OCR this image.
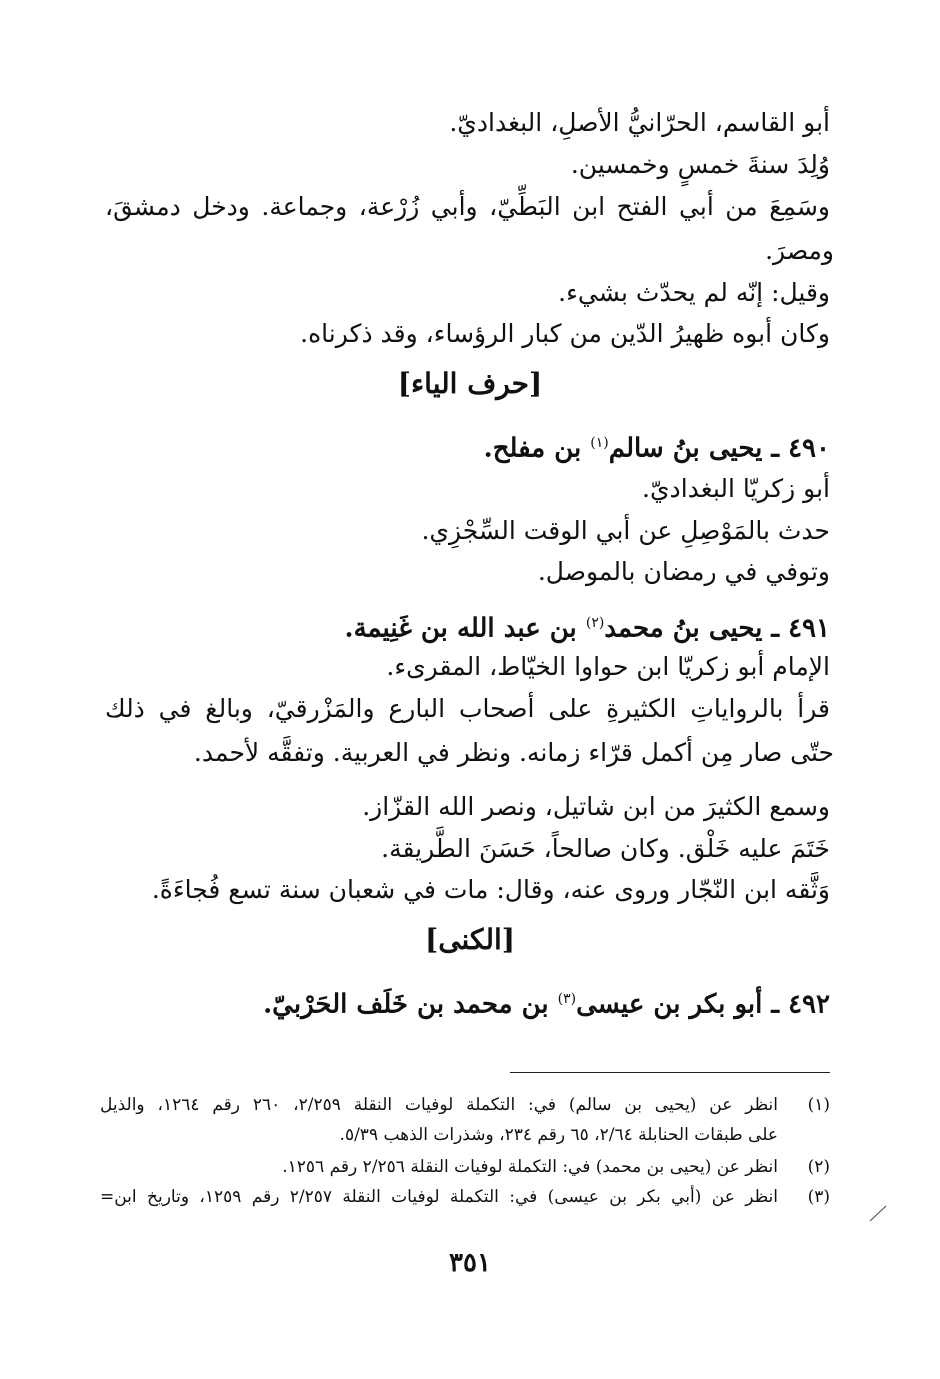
أبو القاسم، الحرّانيُّ الأصلِ، البغداديّ.
وُلِدَ سنةَ خمسٍ وخمسين.
وسَمِعَ من أبي الفتح ابن البَطِّيّ، وأبي زُرْعة، وجماعة. ودخل دمشقَ،
ومصرَ.
وقيل: إنّه لم يحدّث بشيء.
وكان أبوه ظهيرُ الدّين من كبار الرؤساء، وقد ذكرناه.
[حرف الياء]
٤٩٠ ـ يحيى بنُ سالم$^{(١)}$ بن مفلح.
أبو زكريّا البغداديّ.
حدث بالمَوْصِلِ عن أبي الوقت السِّجْزِي.
وتوفي في رمضان بالموصل.
٤٩١ ـ يحيى بنُ محمد$^{(٢)}$ بن عبد الله بن غَنِيمة.
الإمام أبو زكريّا ابن حواوا الخيّاط، المقرىء.
قرأ بالرواياتِ الكثيرةِ على أصحاب البارع والمَزْرقيّ، وبالغ في ذلك
حتّى صار مِن أكمل قرّاء زمانه. ونظر في العربية. وتفقَّه لأحمد.
وسمع الكثيرَ من ابن شاتيل، ونصر الله القزّاز.
خَتَمَ عليه خَلْق. وكان صالحاً، حَسَنَ الطَّريقة.
وَثَّقه ابن النّجّار وروى عنه، وقال: مات في شعبان سنة تسع فُجاءَةً.
[الكنى]
٤٩٢ ـ أبو بكر بن عيسى$^{(٣)}$ بن محمد بن خَلَف الحَرْبيّ.
(١)
انظر عن (يحيى بن سالم) في: التكملة لوفيات النقلة ٢/٢٥٩، ٢٦٠ رقم ١٢٦٤، والذيل
على طبقات الحنابلة ٢/٦٤، ٦٥ رقم ٢٣٤، وشذرات الذهب ٥/٣٩.
(٢)
انظر عن (يحيى بن محمد) في: التكملة لوفيات النقلة ٢/٢٥٦ رقم ١٢٥٦.
(٣)
انظر عن (أبي بكر بن عيسى) في: التكملة لوفيات النقلة ٢/٢٥٧ رقم ١٢٥٩، وتاريخ ابن=
٣٥١
